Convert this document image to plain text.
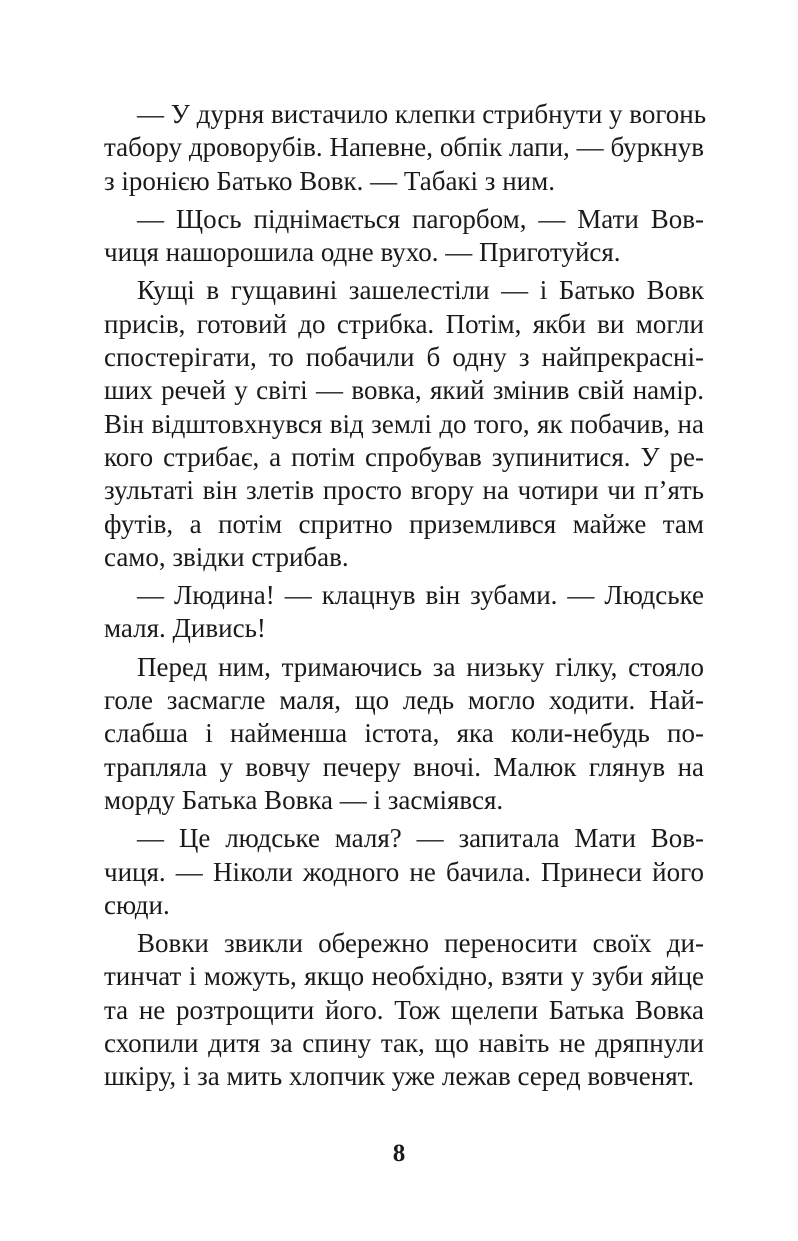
— У дурня вистачило клепки стрибнути у вогонь
табору дроворубів. Напевне, обпік лапи, — буркнув
з іронією Батько Вовк. — Табакі з ним.
— Щось піднімається пагорбом, — Мати Вов-
чиця нашорошила одне вухо. — Приготуйся.
Кущі в гущавині зашелестіли — і Батько Вовк
присів, готовий до стрибка. Потім, якби ви могли
спостерігати, то побачили б одну з найпрекрасні-
ших речей у світі — вовка, який змінив свій намір.
Він відштовхнувся від землі до того, як побачив, на
кого стрибає, а потім спробував зупинитися. У ре-
зультаті він злетів просто вгору на чотири чи п’ять
футів, а потім спритно приземлився майже там
само, звідки стрибав.
— Людина! — клацнув він зубами. — Людське
маля. Дивись!
Перед ним, тримаючись за низьку гілку, стояло
голе засмагле маля, що ледь могло ходити. Най-
слабша і найменша істота, яка коли-небудь по-
трапляла у вовчу печеру вночі. Малюк глянув на
морду Батька Вовка — і засміявся.
— Це людське маля? — запитала Мати Вов-
чиця. — Ніколи жодного не бачила. Принеси його
сюди.
Вовки звикли обережно переносити своїх ди-
тинчат і можуть, якщо необхідно, взяти у зуби яйце
та не розтрощити його. Тож щелепи Батька Вовка
схопили дитя за спину так, що навіть не дряпнули
шкіру, і за мить хлопчик уже лежав серед вовченят.
8
